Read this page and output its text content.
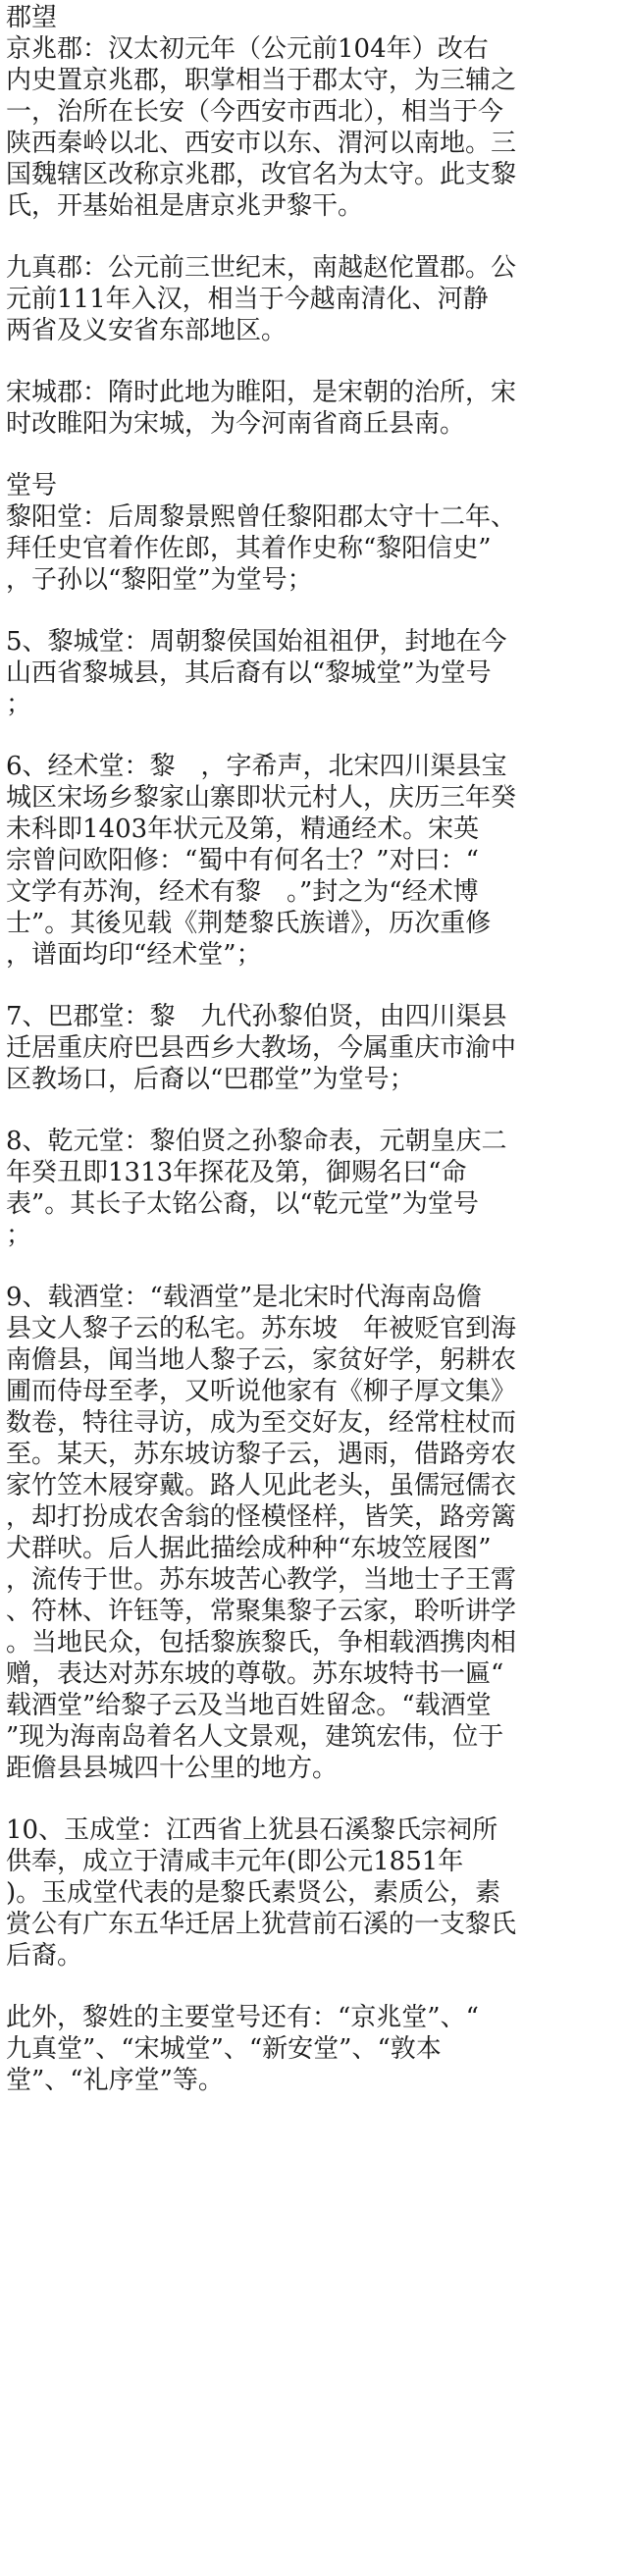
郡望
京兆郡：汉太初元年（公元前104年）改右
内史置京兆郡，职掌相当于郡太守，为三辅之
一，治所在长安（今西安市西北），相当于今
陕西秦岭以北、西安市以东、渭河以南地。三
国魏辖区改称京兆郡，改官名为太守。此支黎
氏，开基始祖是唐京兆尹黎干。
九真郡：公元前三世纪末，南越赵佗置郡。公
元前111年入汉，相当于今越南清化、河静
两省及义安省东部地区。
宋城郡：隋时此地为睢阳，是宋朝的治所，宋
时改睢阳为宋城，为今河南省商丘县南。
堂号
黎阳堂：后周黎景熙曾任黎阳郡太守十二年、
拜任史官着作佐郎，其着作史称“黎阳信史”
，子孙以“黎阳堂”为堂号；
5、黎城堂：周朝黎侯国始祖祖伊，封地在今
山西省黎城县，其后裔有以“黎城堂”为堂号
；
6、经术堂：黎　，字希声，北宋四川渠县宝
城区宋场乡黎家山寨即状元村人，庆历三年癸
未科即1403年状元及第，精通经术。宋英
宗曾问欧阳修：“蜀中有何名士？”对曰：“
文学有苏洵，经术有黎　。”封之为“经术博
士”。其後见载《荆楚黎氏族谱》，历次重修
，谱面均印“经术堂”；
7、巴郡堂：黎　九代孙黎伯贤，由四川渠县
迁居重庆府巴县西乡大教场，今属重庆市渝中
区教场口，后裔以“巴郡堂”为堂号；
8、乾元堂：黎伯贤之孙黎命表，元朝皇庆二
年癸丑即1313年探花及第，御赐名曰“命
表”。其长子太铭公裔，以“乾元堂”为堂号
；
9、载酒堂：“载酒堂”是北宋时代海南岛儋
县文人黎子云的私宅。苏东坡　年被贬官到海
南儋县，闻当地人黎子云，家贫好学，躬耕农
圃而侍母至孝，又听说他家有《柳子厚文集》
数卷，特往寻访，成为至交好友，经常柱杖而
至。某天，苏东坡访黎子云，遇雨，借路旁农
家竹笠木屐穿戴。路人见此老头，虽儒冠儒衣
，却打扮成农舍翁的怪模怪样，皆笑，路旁篱
犬群吠。后人据此描绘成种种“东坡笠屐图”
，流传于世。苏东坡苦心教学，当地士子王霄
、符林、许钰等，常聚集黎子云家，聆听讲学
。当地民众，包括黎族黎氏，争相载酒携肉相
赠，表达对苏东坡的尊敬。苏东坡特书一匾“
载酒堂”给黎子云及当地百姓留念。“载酒堂
”现为海南岛着名人文景观，建筑宏伟，位于
距儋县县城四十公里的地方。
10、玉成堂：江西省上犹县石溪黎氏宗祠所
供奉，成立于清咸丰元年(即公元1851年
)。玉成堂代表的是黎氏素贤公，素质公，素
赏公有广东五华迁居上犹营前石溪的一支黎氏
后裔。
此外，黎姓的主要堂号还有：“京兆堂”、“
九真堂”、“宋城堂”、“新安堂”、“敦本
堂”、“礼序堂”等。
